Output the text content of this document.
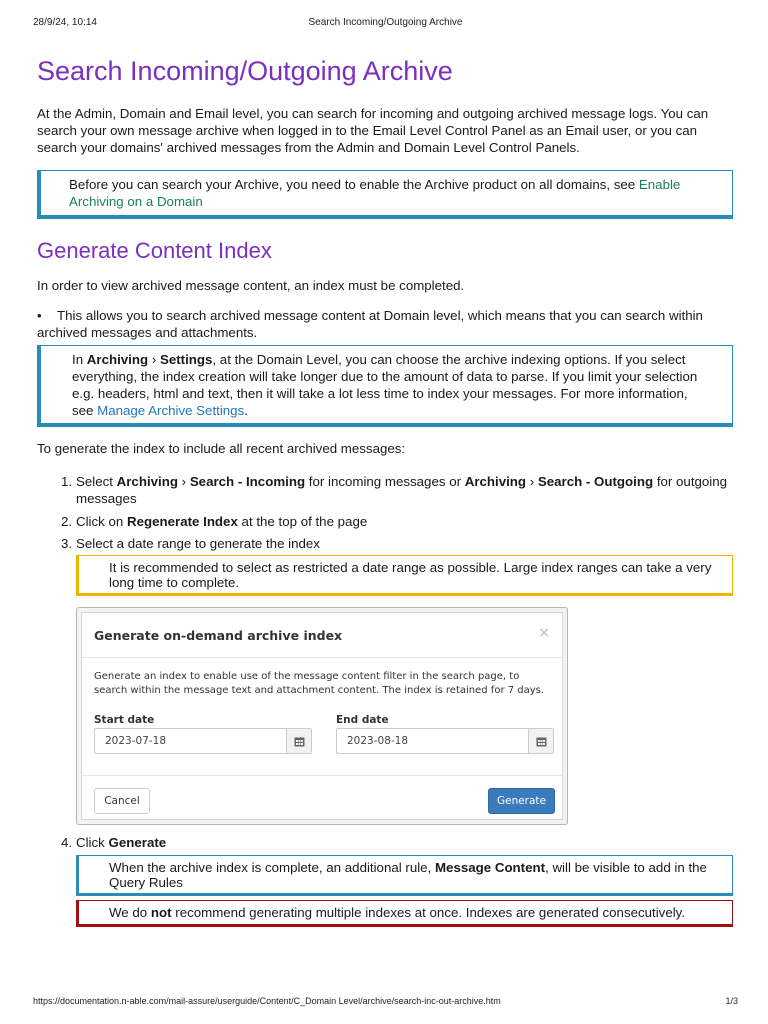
28/9/24, 10:14	Search Incoming/Outgoing Archive
Search Incoming/Outgoing Archive

At the Admin, Domain and Email level, you can search for incoming and outgoing archived message logs. You can search your own message archive when logged in to the Email Level Control Panel as an Email user, or you can search your domains' archived messages from the Admin and Domain Level Control Panels.

Before you can search your Archive, you need to enable the Archive product on all domains, see Enable Archiving on a Domain
Generate Content Index

In order to view archived message content, an index must be completed.

• This allows you to search archived message content at Domain level, which means that you can search within archived messages and attachments.

In Archiving › Settings, at the Domain Level, you can choose the archive indexing options. If you select everything, the index creation will take longer due to the amount of data to parse. If you limit your selection e.g. headers, html and text, then it will take a lot less time to index your messages. For more information, see Manage Archive Settings.

To generate the index to include all recent archived messages:

1. Select Archiving › Search - Incoming for incoming messages or Archiving › Search - Outgoing for outgoing messages
2. Click on Regenerate Index at the top of the page
3. Select a date range to generate the index
It is recommended to select as restricted a date range as possible. Large index ranges can take a very long time to complete.
Generate on-demand archive index	×
Generate an index to enable use of the message content filter in the search page, to search within the message text and attachment content. The index is retained for 7 days.
Start date
2023-07-18
End date
2023-08-18
Cancel	Generate
4. Click Generate
When the archive index is complete, an additional rule, Message Content, will be visible to add in the Query Rules
We do not recommend generating multiple indexes at once. Indexes are generated consecutively.
https://documentation.n-able.com/mail-assure/userguide/Content/C_Domain Level/archive/search-inc-out-archive.htm	1/3
